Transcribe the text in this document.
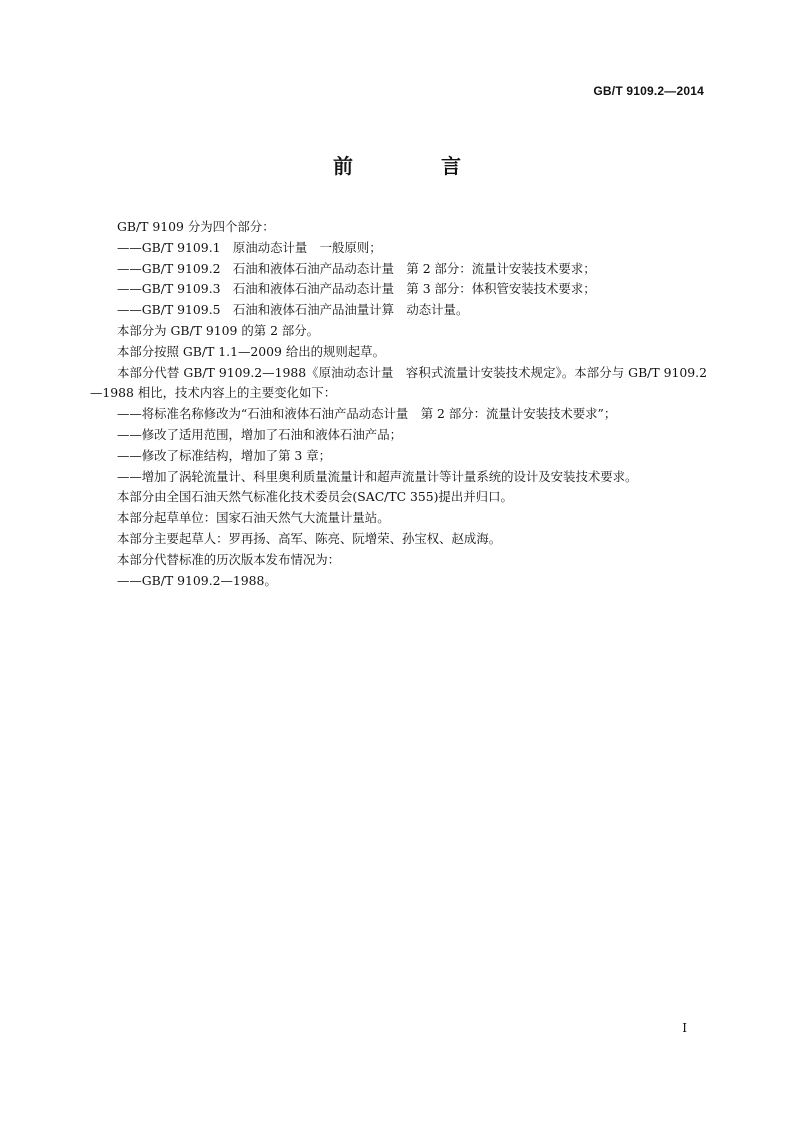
GB/T 9109.2—2014
前　言

GB/T 9109 分为四个部分：

——GB/T 9109.1　原油动态计量　一般原则；

——GB/T 9109.2　石油和液体石油产品动态计量　第 2 部分：流量计安装技术要求；

——GB/T 9109.3　石油和液体石油产品动态计量　第 3 部分：体积管安装技术要求；

——GB/T 9109.5　石油和液体石油产品油量计算　动态计量。

本部分为 GB/T 9109 的第 2 部分。

本部分按照 GB/T 1.1—2009 给出的规则起草。

本部分代替 GB/T 9109.2—1988《原油动态计量　容积式流量计安装技术规定》。本部分与 GB/T 9109.2—1988 相比，技术内容上的主要变化如下：

——将标准名称修改为“石油和液体石油产品动态计量　第 2 部分：流量计安装技术要求”；

——修改了适用范围，增加了石油和液体石油产品；

——修改了标准结构，增加了第 3 章；

——增加了涡轮流量计、科里奥利质量流量计和超声流量计等计量系统的设计及安装技术要求。

本部分由全国石油天然气标准化技术委员会(SAC/TC 355)提出并归口。

本部分起草单位：国家石油天然气大流量计量站。

本部分主要起草人：罗再扬、高军、陈亮、阮增荣、孙宝权、赵成海。

本部分代替标准的历次版本发布情况为：

——GB/T 9109.2—1988。

I
